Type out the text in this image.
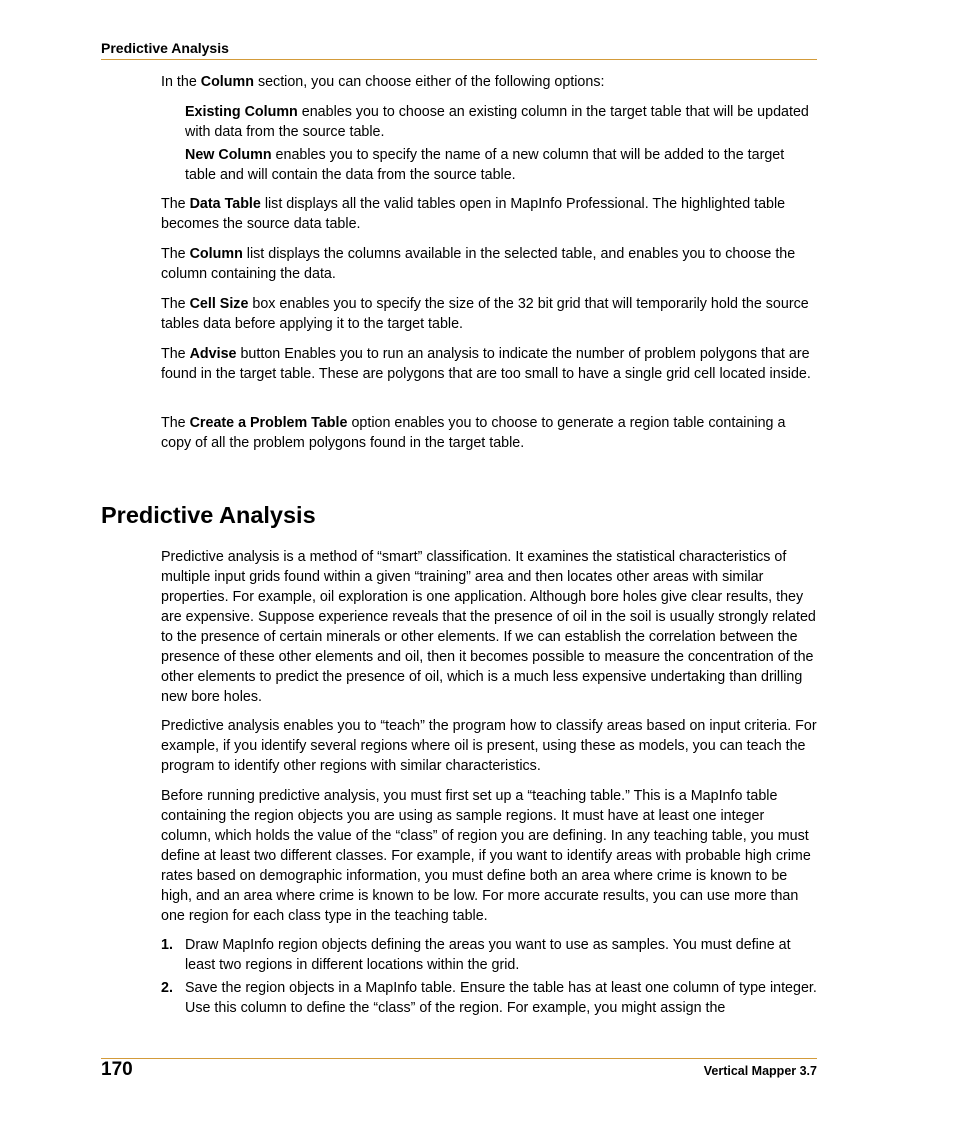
Predictive Analysis

In the Column section, you can choose either of the following options:

Existing Column enables you to choose an existing column in the target table that will be updated with data from the source table.

New Column enables you to specify the name of a new column that will be added to the target table and will contain the data from the source table.

The Data Table list displays all the valid tables open in MapInfo Professional. The highlighted table becomes the source data table.

The Column list displays the columns available in the selected table, and enables you to choose the column containing the data.

The Cell Size box enables you to specify the size of the 32 bit grid that will temporarily hold the source tables data before applying it to the target table.

The Advise button Enables you to run an analysis to indicate the number of problem polygons that are found in the target table. These are polygons that are too small to have a single grid cell located inside.

The Create a Problem Table option enables you to choose to generate a region table containing a copy of all the problem polygons found in the target table.

Predictive Analysis

Predictive analysis is a method of “smart” classification. It examines the statistical characteristics of multiple input grids found within a given “training” area and then locates other areas with similar properties. For example, oil exploration is one application. Although bore holes give clear results, they are expensive. Suppose experience reveals that the presence of oil in the soil is usually strongly related to the presence of certain minerals or other elements. If we can establish the correlation between the presence of these other elements and oil, then it becomes possible to measure the concentration of the other elements to predict the presence of oil, which is a much less expensive undertaking than drilling new bore holes.

Predictive analysis enables you to “teach” the program how to classify areas based on input criteria. For example, if you identify several regions where oil is present, using these as models, you can teach the program to identify other regions with similar characteristics.

Before running predictive analysis, you must first set up a “teaching table.” This is a MapInfo table containing the region objects you are using as sample regions. It must have at least one integer column, which holds the value of the “class” of region you are defining. In any teaching table, you must define at least two different classes. For example, if you want to identify areas with probable high crime rates based on demographic information, you must define both an area where crime is known to be high, and an area where crime is known to be low. For more accurate results, you can use more than one region for each class type in the teaching table.

1. Draw MapInfo region objects defining the areas you want to use as samples. You must define at least two regions in different locations within the grid.

2. Save the region objects in a MapInfo table. Ensure the table has at least one column of type integer. Use this column to define the “class” of the region. For example, you might assign the

170	Vertical Mapper 3.7
